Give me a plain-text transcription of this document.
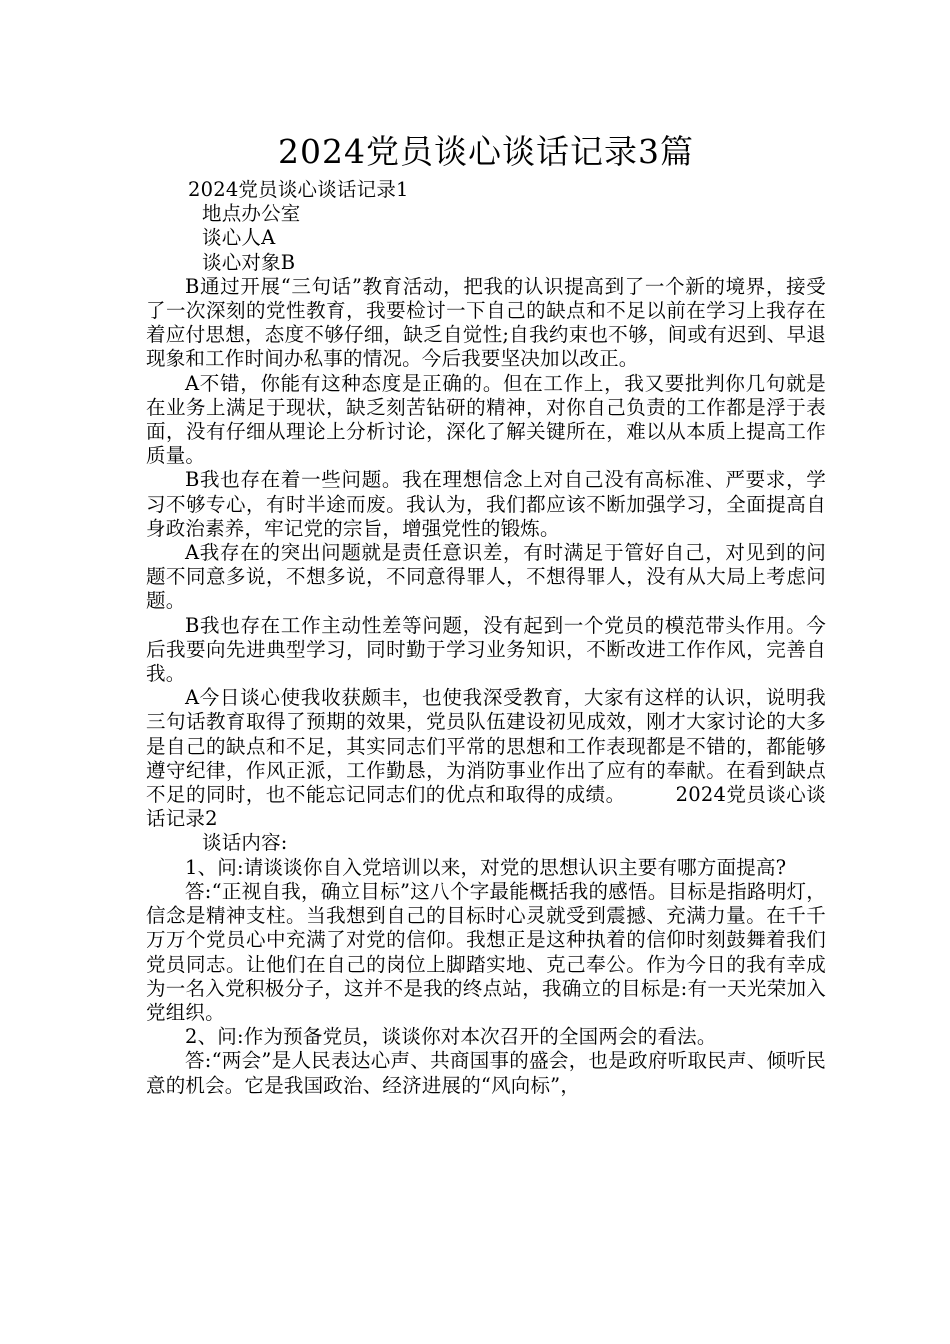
2024党员谈心谈话记录3篇

2024党员谈心谈话记录1

地点办公室

谈心人A

谈心对象B

B通过开展“三句话”教育活动，把我的认识提高到了一个新的境界，接受了一次深刻的党性教育，我要检讨一下自己的缺点和不足以前在学习上我存在着应付思想，态度不够仔细，缺乏自觉性;自我约束也不够，间或有迟到、早退现象和工作时间办私事的情况。今后我要坚决加以改正。

A不错，你能有这种态度是正确的。但在工作上，我又要批判你几句就是在业务上满足于现状，缺乏刻苦钻研的精神，对你自己负责的工作都是浮于表面，没有仔细从理论上分析讨论，深化了解关键所在，难以从本质上提高工作质量。

B我也存在着一些问题。我在理想信念上对自己没有高标准、严要求，学习不够专心，有时半途而废。我认为，我们都应该不断加强学习，全面提高自身政治素养，牢记党的宗旨，增强党性的锻炼。

A我存在的突出问题就是责任意识差，有时满足于管好自己，对见到的问题不同意多说，不想多说，不同意得罪人，不想得罪人，没有从大局上考虑问题。

B我也存在工作主动性差等问题，没有起到一个党员的模范带头作用。今后我要向先进典型学习，同时勤于学习业务知识，不断改进工作作风，完善自我。

A今日谈心使我收获颇丰，也使我深受教育，大家有这样的认识，说明我三句话教育取得了预期的效果，党员队伍建设初见成效，刚才大家讨论的大多是自己的缺点和不足，其实同志们平常的思想和工作表现都是不错的，都能够遵守纪律，作风正派，工作勤恳，为消防事业作出了应有的奉献。在看到缺点不足的同时，也不能忘记同志们的优点和取得的成绩。	2024党员谈心谈话记录2

谈话内容:

1、问:请谈谈你自入党培训以来，对党的思想认识主要有哪方面提高?

答:“正视自我，确立目标”这八个字最能概括我的感悟。目标是指路明灯，信念是精神支柱。当我想到自己的目标时心灵就受到震撼、充满力量。在千千万万个党员心中充满了对党的信仰。我想正是这种执着的信仰时刻鼓舞着我们党员同志。让他们在自己的岗位上脚踏实地、克己奉公。作为今日的我有幸成为一名入党积极分子，这并不是我的终点站，我确立的目标是:有一天光荣加入党组织。

2、问:作为预备党员，谈谈你对本次召开的全国两会的看法。

答:“两会”是人民表达心声、共商国事的盛会，也是政府听取民声、倾听民意的机会。它是我国政治、经济进展的“风向标”，
